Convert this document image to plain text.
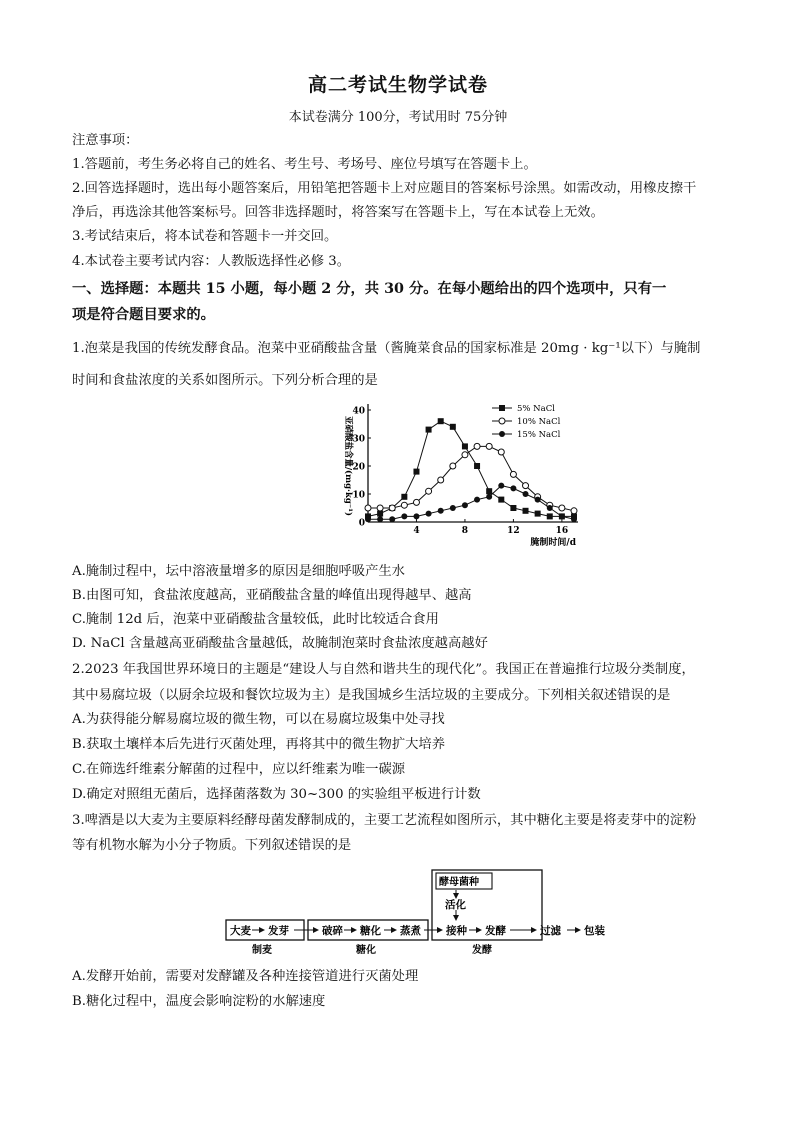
高二考试生物学试卷
本试卷满分 100分，考试用时 75分钟
注意事项：
1.答题前，考生务必将自己的姓名、考生号、考场号、座位号填写在答题卡上。
2.回答选择题时，选出每小题答案后，用铅笔把答题卡上对应题目的答案标号涂黑。如需改动，用橡皮擦干
净后，再选涂其他答案标号。回答非选择题时，将答案写在答题卡上，写在本试卷上无效。
3.考试结束后，将本试卷和答题卡一并交回。
4.本试卷主要考试内容：人教版选择性必修 3。
一、选择题：本题共 15 小题，每小题 2 分，共 30 分。在每小题给出的四个选项中，只有一
项是符合题目要求的。
1.泡菜是我国的传统发酵食品。泡菜中亚硝酸盐含量（酱腌菜食品的国家标准是 20mg · kg⁻¹以下）与腌制
时间和食盐浓度的关系如图所示。下列分析合理的是
0
10
20
30
40
4	8	12	16
腌制时间/d
亚硝酸盐含量/(mg·kg⁻¹)
5% NaCl
10% NaCl
15% NaCl
A.腌制过程中，坛中溶液量增多的原因是细胞呼吸产生水
B.由图可知，食盐浓度越高，亚硝酸盐含量的峰值出现得越早、越高
C.腌制 12d 后，泡菜中亚硝酸盐含量较低，此时比较适合食用
D. NaCl 含量越高亚硝酸盐含量越低，故腌制泡菜时食盐浓度越高越好
2.2023 年我国世界环境日的主题是“建设人与自然和谐共生的现代化”。我国正在普遍推行垃圾分类制度，
其中易腐垃圾（以厨余垃圾和餐饮垃圾为主）是我国城乡生活垃圾的主要成分。下列相关叙述错误的是
A.为获得能分解易腐垃圾的微生物，可以在易腐垃圾集中处寻找
B.获取土壤样本后先进行灭菌处理，再将其中的微生物扩大培养
C.在筛选纤维素分解菌的过程中，应以纤维素为唯一碳源
D.确定对照组无菌后，选择菌落数为 30~300 的实验组平板进行计数
3.啤酒是以大麦为主要原料经酵母菌发酵制成的，主要工艺流程如图所示，其中糖化主要是将麦芽中的淀粉
等有机物水解为小分子物质。下列叙述错误的是
大麦 发芽	破碎 糖化 蒸煮 接种 发酵	过滤 包装
酵母菌种
活化
制麦	糖化	发酵
A.发酵开始前，需要对发酵罐及各种连接管道进行灭菌处理
B.糖化过程中，温度会影响淀粉的水解速度
